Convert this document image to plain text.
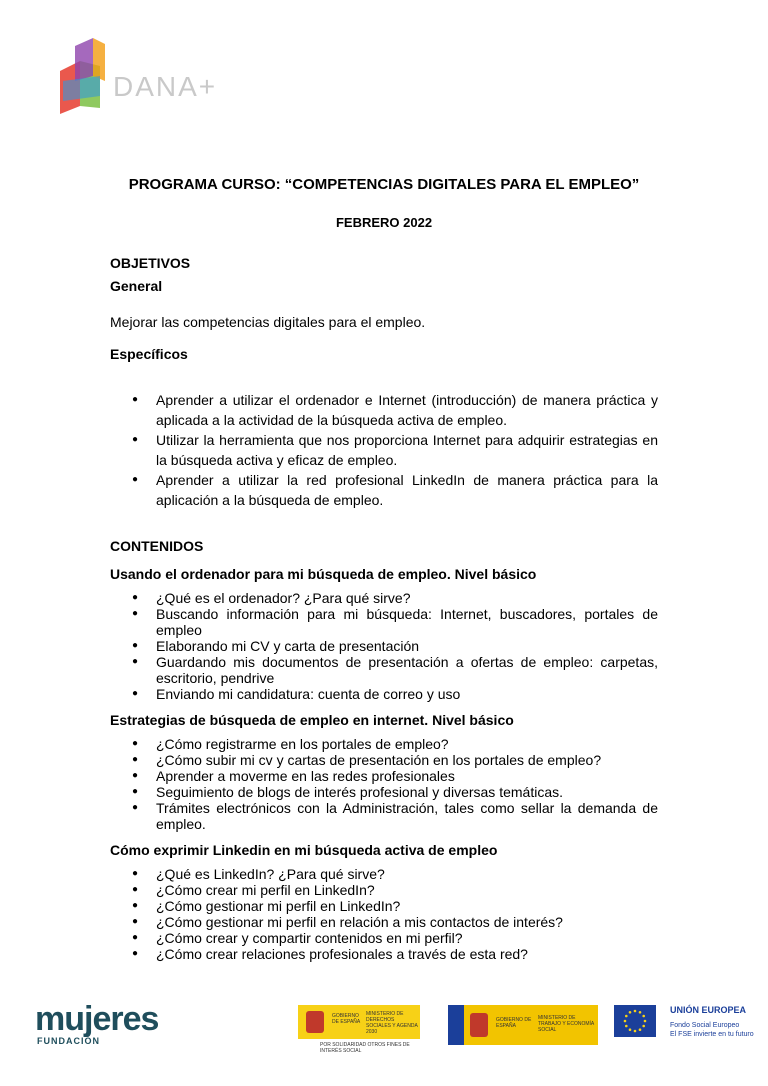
DANA+
PROGRAMA CURSO: “COMPETENCIAS DIGITALES PARA EL EMPLEO”
FEBRERO 2022
OBJETIVOS
General
Mejorar las competencias digitales para el empleo.
Específicos
● Aprender a utilizar el ordenador e Internet (introducción) de manera práctica y aplicada a la actividad de la búsqueda activa de empleo.
● Utilizar la herramienta que nos proporciona Internet para adquirir estrategias en la búsqueda activa y eficaz de empleo.
● Aprender a utilizar la red profesional LinkedIn de manera práctica para la aplicación a la búsqueda de empleo.
CONTENIDOS
Usando el ordenador para mi búsqueda de empleo. Nivel básico
● ¿Qué es el ordenador? ¿Para qué sirve?
● Buscando información para mi búsqueda: Internet, buscadores, portales de empleo
● Elaborando mi CV y carta de presentación
● Guardando mis documentos de presentación a ofertas de empleo: carpetas, escritorio, pendrive
● Enviando mi candidatura: cuenta de correo y uso
Estrategias de búsqueda de empleo en internet. Nivel básico
● ¿Cómo registrarme en los portales de empleo?
● ¿Cómo subir mi cv y cartas de presentación en los portales de empleo?
● Aprender a moverme en las redes profesionales
● Seguimiento de blogs de interés profesional y diversas temáticas.
● Trámites electrónicos con la Administración, tales como sellar la demanda de empleo.
Cómo exprimir Linkedin en mi búsqueda activa de empleo
● ¿Qué es LinkedIn? ¿Para qué sirve?
● ¿Cómo crear mi perfil en LinkedIn?
● ¿Cómo gestionar mi perfil en LinkedIn?
● ¿Cómo gestionar mi perfil en relación a mis contactos de interés?
● ¿Cómo crear y compartir contenidos en mi perfil?
● ¿Cómo crear relaciones profesionales a través de esta red?
mujeres
FUNDACIÓN
GOBIERNO DE ESPAÑA
MINISTERIO DE DERECHOS SOCIALES Y AGENDA 2030
POR SOLIDARIDAD OTROS FINES DE INTERÉS SOCIAL
GOBIERNO DE ESPAÑA
MINISTERIO DE TRABAJO Y ECONOMÍA SOCIAL
UNIÓN EUROPEA
Fondo Social Europeo
El FSE invierte en tu futuro
